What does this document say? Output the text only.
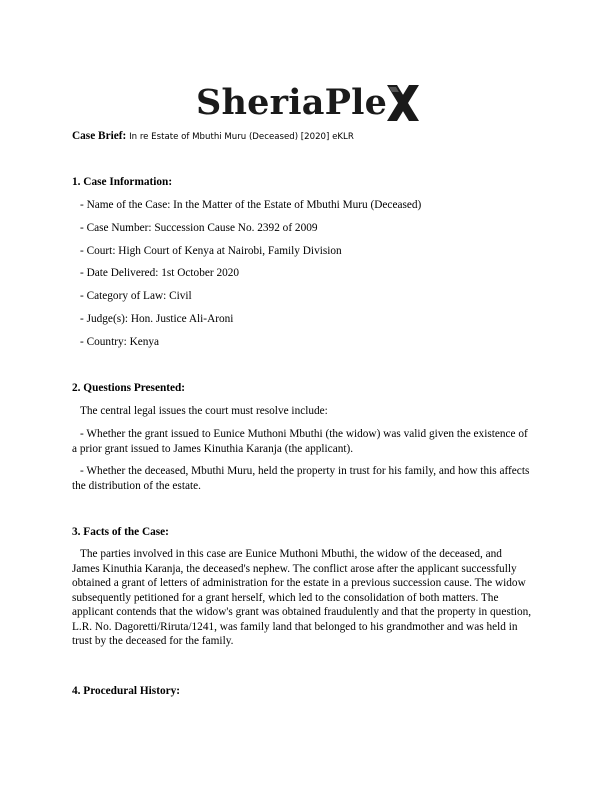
SheriaPle
Case Brief: In re Estate of Mbuthi Muru (Deceased) [2020] eKLR
1. Case Information:
- Name of the Case: In the Matter of the Estate of Mbuthi Muru (Deceased)
- Case Number: Succession Cause No. 2392 of 2009
- Court: High Court of Kenya at Nairobi, Family Division
- Date Delivered: 1st October 2020
- Category of Law: Civil
- Judge(s): Hon. Justice Ali-Aroni
- Country: Kenya
2. Questions Presented:
The central legal issues the court must resolve include:

- Whether the grant issued to Eunice Muthoni Mbuthi (the widow) was valid given the existence of a prior grant issued to James Kinuthia Karanja (the applicant).

- Whether the deceased, Mbuthi Muru, held the property in trust for his family, and how this affects the distribution of the estate.

3. Facts of the Case:

The parties involved in this case are Eunice Muthoni Mbuthi, the widow of the deceased, and James Kinuthia Karanja, the deceased's nephew. The conflict arose after the applicant successfully obtained a grant of letters of administration for the estate in a previous succession cause. The widow subsequently petitioned for a grant herself, which led to the consolidation of both matters. The applicant contends that the widow's grant was obtained fraudulently and that the property in question, L.R. No. Dagoretti/Riruta/1241, was family land that belonged to his grandmother and was held in trust by the deceased for the family.

4. Procedural History:
